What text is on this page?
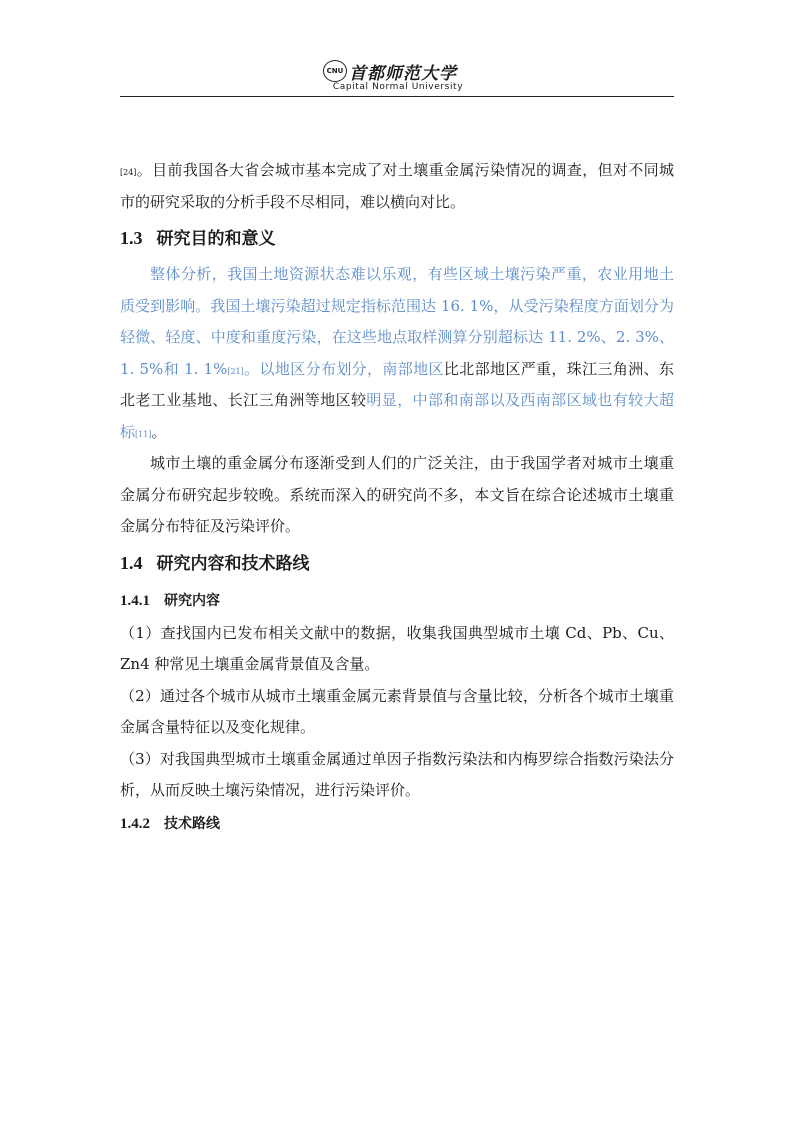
CNU 首都师范大学
Capital Normal University

[24]。目前我国各大省会城市基本完成了对土壤重金属污染情况的调查，但对不同城市的研究采取的分析手段不尽相同，难以横向对比。

1.3 研究目的和意义

整体分析，我国土地资源状态难以乐观，有些区域土壤污染严重，农业用地土质受到影响。我国土壤污染超过规定指标范围达 16. 1%，从受污染程度方面划分为轻微、轻度、中度和重度污染，在这些地点取样测算分别超标达 11. 2%、2. 3%、1. 5%和 1. 1%[21]。以地区分布划分，南部地区比北部地区严重，珠江三角洲、东北老工业基地、长江三角洲等地区较明显，中部和南部以及西南部区域也有较大超标[11]。

城市土壤的重金属分布逐渐受到人们的广泛关注，由于我国学者对城市土壤重金属分布研究起步较晚。系统而深入的研究尚不多，本文旨在综合论述城市土壤重金属分布特征及污染评价。

1.4 研究内容和技术路线
1.4.1 研究内容

（1）查找国内已发布相关文献中的数据，收集我国典型城市土壤 Cd、Pb、Cu、Zn4 种常见土壤重金属背景值及含量。

（2）通过各个城市从城市土壤重金属元素背景值与含量比较，分析各个城市土壤重金属含量特征以及变化规律。

（3）对我国典型城市土壤重金属通过单因子指数污染法和内梅罗综合指数污染法分析，从而反映土壤污染情况，进行污染评价。

1.4.2 技术路线
